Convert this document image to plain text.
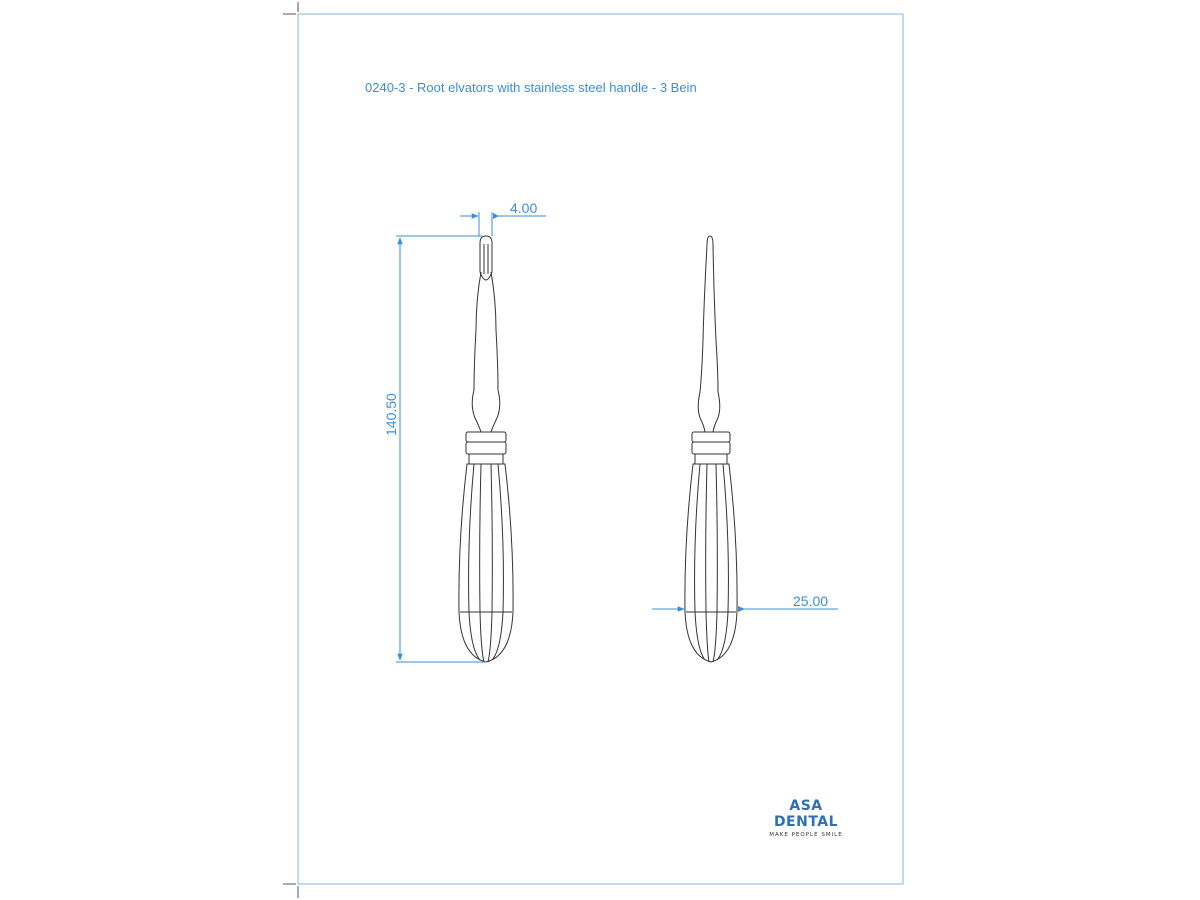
4.00
140.50
25.00
0240-3 - Root elvators with stainless steel handle - 3 Bein
ASA DENTAL
MAKE PEOPLE SMILE
